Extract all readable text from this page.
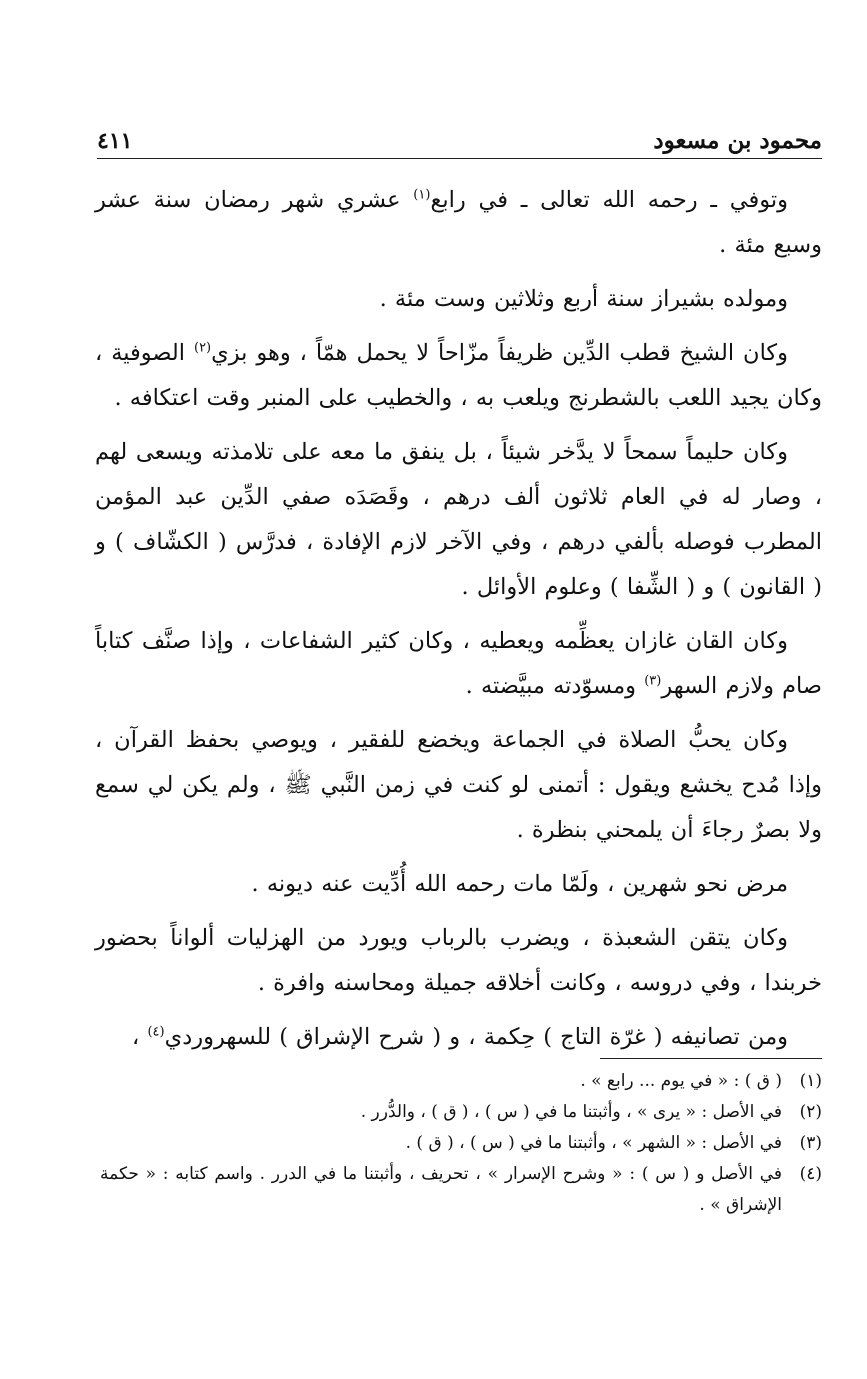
محمود بن مسعود
٤١١

وتوفي ـ رحمه الله تعالى ـ في رابع$^{(١)}$ عشري شهر رمضان سنة عشر وسبع مئة .

ومولده بشيراز سنة أربع وثلاثين وست مئة .

وكان الشيخ قطب الدِّين ظريفاً مزّاحاً لا يحمل همّاً ، وهو بزي$^{(٢)}$ الصوفية ، وكان يجيد اللعب بالشطرنج ويلعب به ، والخطيب على المنبر وقت اعتكافه .

وكان حليماً سمحاً لا يدَّخر شيئاً ، بل ينفق ما معه على تلامذته ويسعى لهم ، وصار له في العام ثلاثون ألف درهم ، وقَصَدَه صفي الدِّين عبد المؤمن المطرب فوصله بألفي درهم ، وفي الآخر لازم الإفادة ، فدرَّس ( الكشّاف ) و ( القانون ) و ( الشِّفا ) وعلوم الأوائل .

وكان القان غازان يعظِّمه ويعطيه ، وكان كثير الشفاعات ، وإذا صنَّف كتاباً صام ولازم السهر$^{(٣)}$ ومسوّدته مبيَّضته .

وكان يحبُّ الصلاة في الجماعة ويخضع للفقير ، ويوصي بحفظ القرآن ، وإذا مُدح يخشع ويقول : أتمنى لو كنت في زمن النَّبي ﷺ ، ولم يكن لي سمع ولا بصرٌ رجاءَ أن يلمحني بنظرة .

مرض نحو شهرين ، ولَمّا مات رحمه الله أُدِّيت عنه ديونه .

وكان يتقن الشعبذة ، ويضرب بالرباب ويورد من الهزليات ألواناً بحضور خربندا ، وفي دروسه ، وكانت أخلاقه جميلة ومحاسنه وافرة .

ومن تصانيفه ( غرّة التاج ) حِكمة ، و ( شرح الإشراق ) للسهروردي$^{(٤)}$ ،

(١)
( ق ) : « في يوم ... رابع » .
(٢)
في الأصل : « يرى » ، وأثبتنا ما في ( س ) ، ( ق ) ، والدُّرر .
(٣)
في الأصل : « الشهر » ، وأثبتنا ما في ( س ) ، ( ق ) .
(٤)
في الأصل و ( س ) : « وشرح الإسرار » ، تحريف ، وأثبتنا ما في الدرر . واسم كتابه : « حكمة الإشراق » .
